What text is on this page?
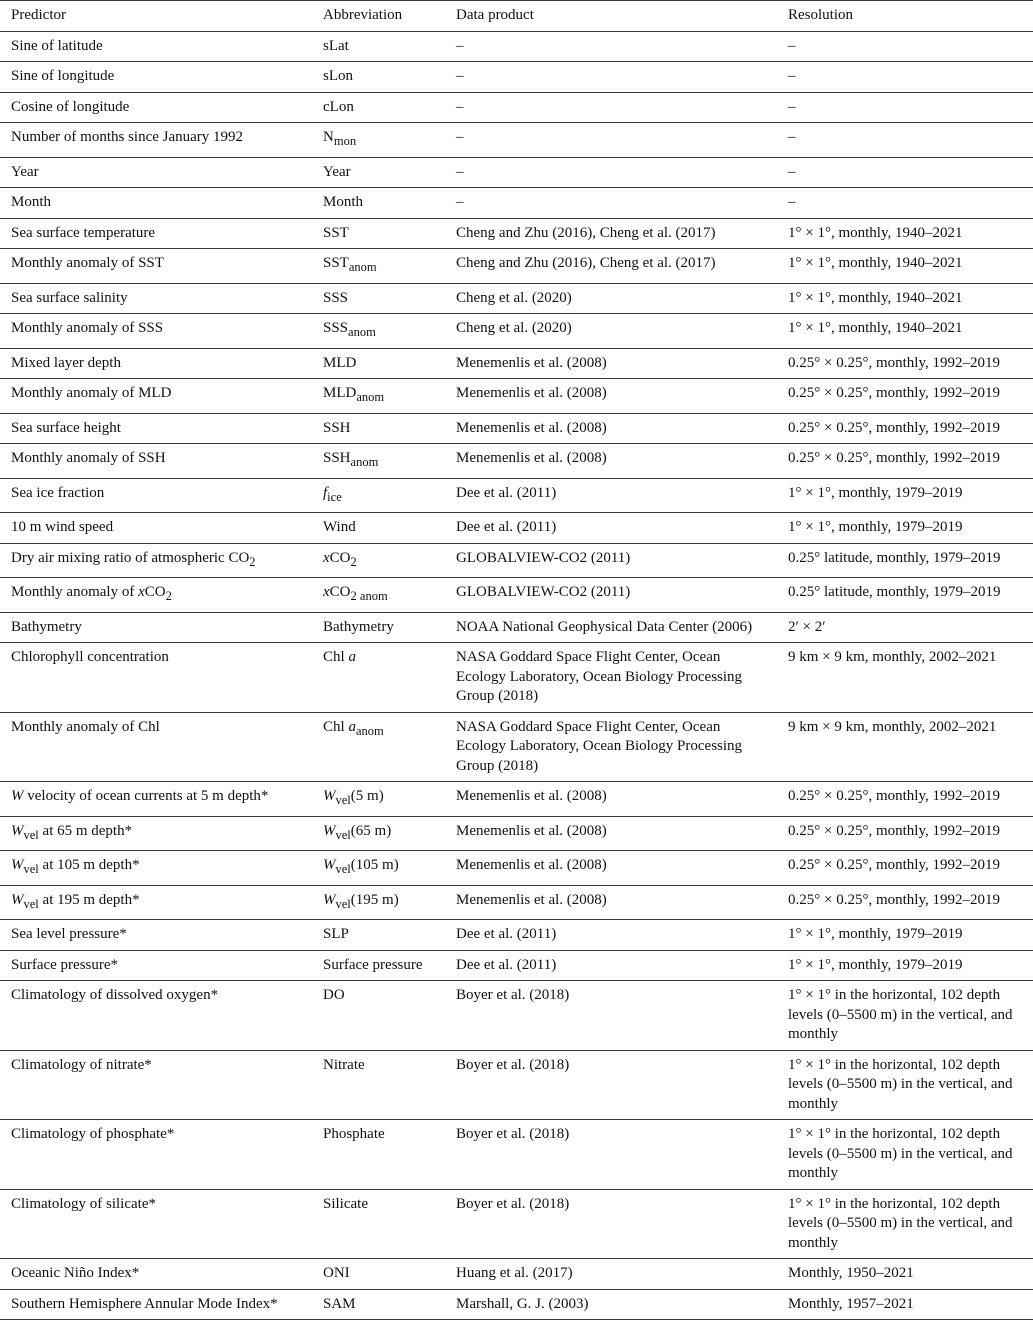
Predictor	Abbreviation	Data product	Resolution
Sine of latitude	sLat	–	–
Sine of longitude	sLon	–	–
Cosine of longitude	cLon	–	–
Number of months since January 1992	$N_{mon}$	–	–
Year	Year	–	–
Month	Month	–	–
Sea surface temperature	SST	Cheng and Zhu (2016), Cheng et al. (2017)	1° × 1°, monthly, 1940–2021
Monthly anomaly of SST	$SST_{anom}$	Cheng and Zhu (2016), Cheng et al. (2017)	1° × 1°, monthly, 1940–2021
Sea surface salinity	SSS	Cheng et al. (2020)	1° × 1°, monthly, 1940–2021
Monthly anomaly of SSS	$SSS_{anom}$	Cheng et al. (2020)	1° × 1°, monthly, 1940–2021
Mixed layer depth	MLD	Menemenlis et al. (2008)	0.25° × 0.25°, monthly, 1992–2019
Monthly anomaly of MLD	$MLD_{anom}$	Menemenlis et al. (2008)	0.25° × 0.25°, monthly, 1992–2019
Sea surface height	SSH	Menemenlis et al. (2008)	0.25° × 0.25°, monthly, 1992–2019
Monthly anomaly of SSH	$SSH_{anom}$	Menemenlis et al. (2008)	0.25° × 0.25°, monthly, 1992–2019
Sea ice fraction	$f_{ice}$	Dee et al. (2011)	1° × 1°, monthly, 1979–2019
10 m wind speed	Wind	Dee et al. (2011)	1° × 1°, monthly, 1979–2019
Dry air mixing ratio of atmospheric $CO_2$	xCO$_2$	GLOBALVIEW-CO2 (2011)	0.25° latitude, monthly, 1979–2019
Monthly anomaly of xCO$_2$	xCO$_{2 anom}$	GLOBALVIEW-CO2 (2011)	0.25° latitude, monthly, 1979–2019
Bathymetry	Bathymetry	NOAA National Geophysical Data Center (2006)	2′ × 2′
Chlorophyll concentration	Chl a	NASA Goddard Space Flight Center, Ocean Ecology Laboratory, Ocean Biology Processing Group (2018)	9 km × 9 km, monthly, 2002–2021
Monthly anomaly of Chl	Chl $a_{anom}$	NASA Goddard Space Flight Center, Ocean Ecology Laboratory, Ocean Biology Processing Group (2018)	9 km × 9 km, monthly, 2002–2021
W velocity of ocean currents at 5 m depth*	$W_{vel}(5$ m)	Menemenlis et al. (2008)	0.25° × 0.25°, monthly, 1992–2019
$W_{vel}$ at 65 m depth*	$W_{vel}(65$ m)	Menemenlis et al. (2008)	0.25° × 0.25°, monthly, 1992–2019
$W_{vel}$ at 105 m depth*	$W_{vel}(105$ m)	Menemenlis et al. (2008)	0.25° × 0.25°, monthly, 1992–2019
$W_{vel}$ at 195 m depth*	$W_{vel}(195$ m)	Menemenlis et al. (2008)	0.25° × 0.25°, monthly, 1992–2019
Sea level pressure*	SLP	Dee et al. (2011)	1° × 1°, monthly, 1979–2019
Surface pressure*	Surface pressure	Dee et al. (2011)	1° × 1°, monthly, 1979–2019
Climatology of dissolved oxygen*	DO	Boyer et al. (2018)	1° × 1° in the horizontal, 102 depth levels (0–5500 m) in the vertical, and monthly
Climatology of nitrate*	Nitrate	Boyer et al. (2018)	1° × 1° in the horizontal, 102 depth levels (0–5500 m) in the vertical, and monthly
Climatology of phosphate*	Phosphate	Boyer et al. (2018)	1° × 1° in the horizontal, 102 depth levels (0–5500 m) in the vertical, and monthly
Climatology of silicate*	Silicate	Boyer et al. (2018)	1° × 1° in the horizontal, 102 depth levels (0–5500 m) in the vertical, and monthly
Oceanic Niño Index*	ONI	Huang et al. (2017)	Monthly, 1950–2021
Southern Hemisphere Annular Mode Index*	SAM	Marshall, G. J. (2003)	Monthly, 1957–2021
